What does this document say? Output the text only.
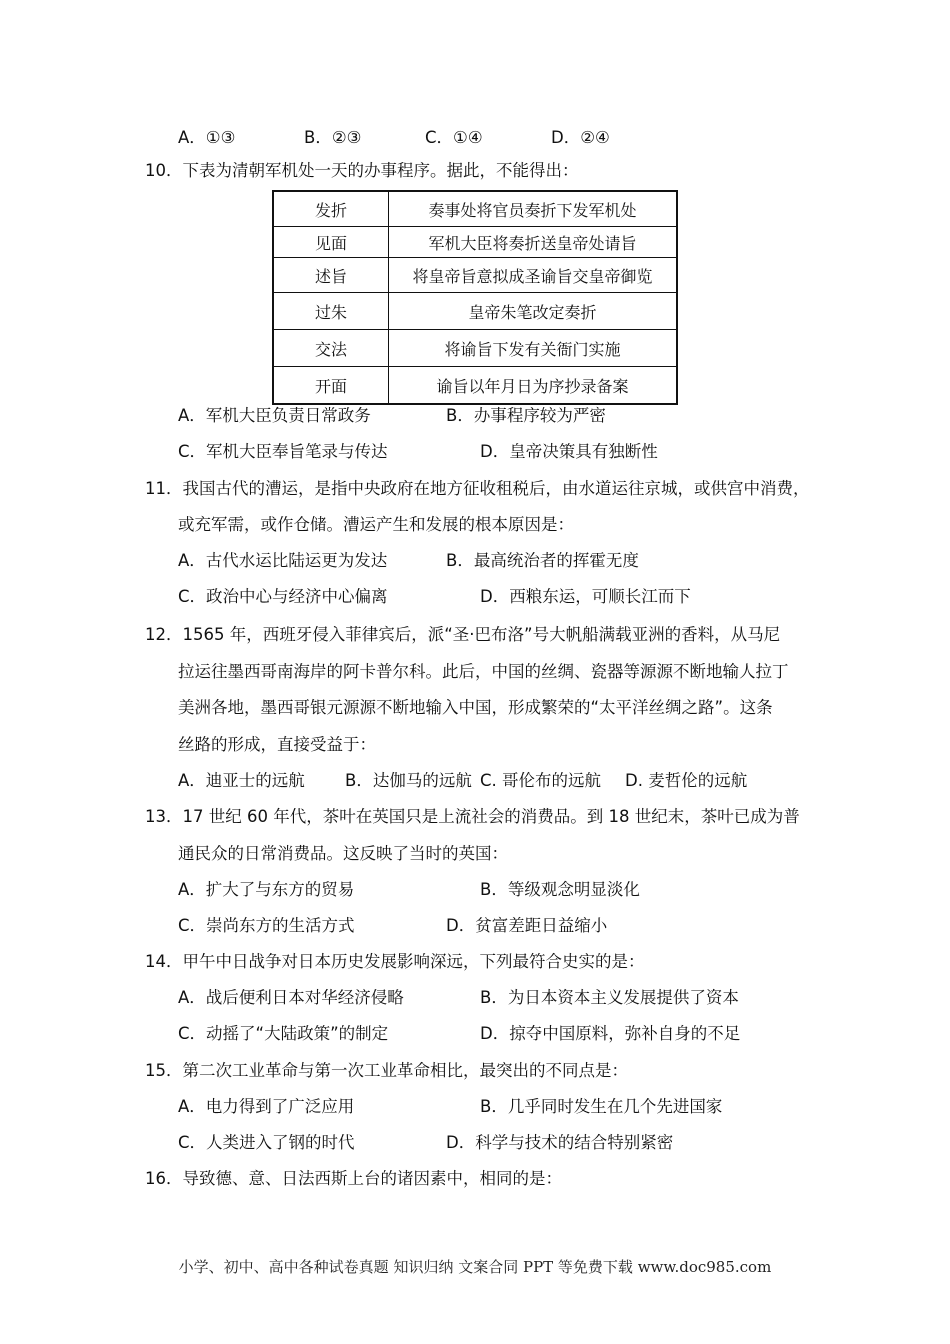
A．①③	B．②③	C．①④	D．②④
10．下表为清朝军机处一天的办事程序。据此，不能得出：
发折	奏事处将官员奏折下发军机处
见面	军机大臣将奏折送皇帝处请旨
述旨	将皇帝旨意拟成圣谕旨交皇帝御览
过朱	皇帝朱笔改定奏折
交法	将谕旨下发有关衙门实施
开面	谕旨以年月日为序抄录备案
A．军机大臣负责日常政务	B．办事程序较为严密
C．军机大臣奉旨笔录与传达	D．皇帝决策具有独断性
11．我国古代的漕运，是指中央政府在地方征收租税后，由水道运往京城，或供宫中消费，
或充军需，或作仓储。漕运产生和发展的根本原因是：
A．古代水运比陆运更为发达	B．最高统治者的挥霍无度
C．政治中心与经济中心偏离	D．西粮东运，可顺长江而下
12．1565 年，西班牙侵入菲律宾后，派“圣·巴布洛”号大帆船满载亚洲的香料，从马尼
拉运往墨西哥南海岸的阿卡普尔科。此后，中国的丝绸、瓷器等源源不断地输人拉丁
美洲各地，墨西哥银元源源不断地输入中国，形成繁荣的“太平洋丝绸之路”。这条
丝路的形成，直接受益于：
A．迪亚士的远航 B．达伽马的远航 C. 哥伦布的远航 D. 麦哲伦的远航
13．17 世纪 60 年代，茶叶在英国只是上流社会的消费品。到 18 世纪末，茶叶已成为普
通民众的日常消费品。这反映了当时的英国：
A．扩大了与东方的贸易	B．等级观念明显淡化
C．崇尚东方的生活方式	D．贫富差距日益缩小
14．甲午中日战争对日本历史发展影响深远，下列最符合史实的是：
A．战后便利日本对华经济侵略	B．为日本资本主义发展提供了资本
C．动摇了“大陆政策”的制定	D．掠夺中国原料，弥补自身的不足
15．第二次工业革命与第一次工业革命相比，最突出的不同点是：
A．电力得到了广泛应用	B．几乎同时发生在几个先进国家
C．人类进入了钢的时代	D．科学与技术的结合特别紧密
16．导致德、意、日法西斯上台的诸因素中，相同的是：
小学、初中、高中各种试卷真题 知识归纳 文案合同 PPT 等免费下载 www.doc985.com
